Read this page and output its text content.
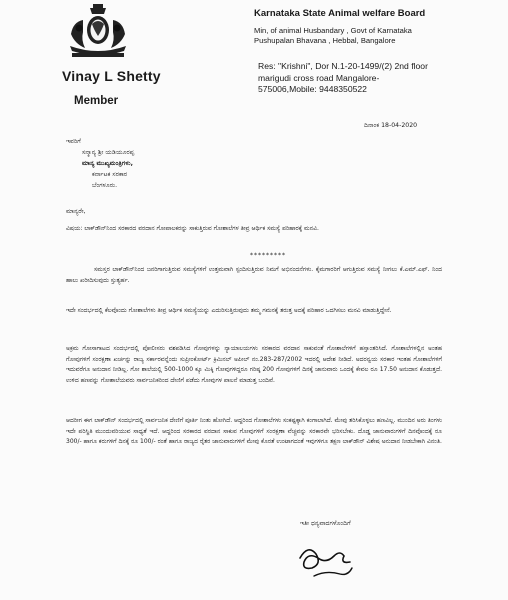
Vinay L Shetty
Member
Karnataka State Animal welfare Board
Min, of animal Husbandary , Govt of Karnataka
Pushupalan Bhavana , Hebbal, Bangalore
Res: "Krishni", Dor N.1-20-1499/(2) 2nd floor marigudi cross road Mangalore-575006,Mobile: 9448350522
ದಿನಾಂಕ 18-04-2020
ಇವರಿಗೆ
ಸನ್ಮಾನ್ಯ ಶ್ರೀ ಯಡಿಯೂರಪ್ಪ
ಮಾನ್ಯ ಮುಖ್ಯಮಂತ್ರಿಗಳು,
ಕರ್ನಾಟಕ ಸರಕಾರ
ಬೆಂಗಳೂರು.
ಮಾನ್ಯರೇ,
ವಿಷಯ: ಲಾಕ್‌ಡೌನ್‌ನಿಂದ ಸರಕಾರದ ವರದಾನ ಗೋಪಾಲಕರನ್ನು ಸಾಕುತ್ತಿರುವ ಗೋಶಾಲೆಗಳ ತೀವ್ರ ಆರ್ಥಿಕ ಸಮಸ್ಯೆ ಪರಿಹಾರಕ್ಕೆ ಮನವಿ.
*********
ಸಮಸ್ತರ ಲಾಕ್‌ಡೌನ್‌ನಿಂದ ಜನರಿಗಾಗುತ್ತಿರುವ ಸಮಸ್ಯೆಗಳಿಗೆ ಉತ್ತಮವಾಗಿ ಸ್ಪಂದಿಸುತ್ತಿರುವ ನಿಮಗೆ ಅಭಿನಂದನೆಗಳು. ಕೈಮಗಾರರಿಗೆ ಆಗುತ್ತಿರುವ ಸಮಸ್ಯೆ ನೀಗಲು ಕೆ.ಎಮ್.ಎಫ್. ನಿಂದ ಹಾಲು ಖರೀದಿಸುವುದು ಸ್ತುತ್ಯರ್ಹ.
ಇದೇ ಸಂದರ್ಭದಲ್ಲಿ ಕೆಲವೊಂದು ಗೋಶಾಲೆಗಳು ತೀವ್ರ ಆರ್ಥಿಕ ಸಮಸ್ಯೆಯನ್ನು ಎದುರಿಸುತ್ತಿರುವುದು ತಮ್ಮ ಗಮನಕ್ಕೆ ತರುತ್ತ ಅದಕ್ಕೆ ಪರಿಹಾರ ಒದಗಿಸಲು ಮನವಿ ಮಾಡುತ್ತಿದ್ದೇನೆ.
ಅಕ್ರಮ ಗೋಸಾಗಾಟದ ಸಂದರ್ಭದಲ್ಲಿ ಪೋಲೀಸರು ವಶಪಡಿಸಿದ ಗೋವುಗಳನ್ನು ನ್ಯಾಯಾಲಯಗಳು ಸರಕಾರದ ವರದಾನ ಸಾಕುವಂತೆ ಗೋಶಾಲೆಗಳಿಗೆ ಹಸ್ತಾಂತರಿಸಿದೆ. ಗೋಶಾಲೆಗಳಲ್ಲಿನ ಅಂತಹ ಗೋವುಗಳಿಗೆ ಸಂರಕ್ಷಣಾ ಖರ್ಚನ್ನು ರಾಜ್ಯ ಸರ್ಕಾರವನ್ನೆಂದು ಸುಪ್ರೀಂಕೋರ್ಟ್ ಕ್ರಿಮಿನಲ್ ಅಪೀಲ್ ನಂ.283-287/2002 ಇದರಲ್ಲಿ ಆದೇಶ ನೀಡಿದೆ. ಅದರನ್ವಯ ಸರಕಾರ ಇಂತಹ ಗೋಶಾಲೆಗಳಿಗೆ ಇದುವರೆಗೂ ಅನುದಾನ ನೀಡಿಲ್ಲ. ಗೋ ಶಾಲೆಯಲ್ಲಿ 500-1000 ಕ್ಕೂ ಮಿಕ್ಕಿ ಗೋವುಗಳಿದ್ದರೂ ಗರಿಷ್ಠ 200 ಗೋವುಗಳಿಗೆ ದಿನಕ್ಕೆ ಜಾನುವಾರು ಒಂದಕ್ಕೆ ಕೇವಲ ರೂ 17.50 ಅನುದಾನ ಕೊಡುತ್ತದೆ. ಉಳಿದ ಹಣವನ್ನು ಗೋಶಾಲೆಯವರು ಸಾರ್ವಜನಿಕರಿಂದ ದೇಣಿಗೆ ಪಡೆದು ಗೋವುಗಳ ಪಾಲನೆ ಮಾಡುತ್ತ ಬಂದಿವೆ.
ಆದರೀಗ ಈಗ ಲಾಕ್‌ಡೌನ್ ಸಂದರ್ಭದಲ್ಲಿ ಸಾರ್ವಜನಿಕ ದೇಣಿಗೆ ಪೂರ್ತಿ ನಿಂತು ಹೋಗಿದೆ. ಆದ್ದರಿಂದ ಗೋಶಾಲೆಗಳು ಸಂಕಷ್ಟಕ್ಕಾಗಿ ಕಂಗಾಲಾಗಿದೆ. ಮೇವು ತರಿಸಿಕೊಳ್ಳಲು ಹಣವಿಲ್ಲ. ಮುಂದಿನ ಅರು ತಿಂಗಳು ಇದೇ ಪರಿಸ್ಥಿತಿ ಮುಂದುವರಿಯುವ ಸಾಧ್ಯತೆ ಇದೆ. ಆದ್ದರಿಂದ ಸರಕಾರದ ವರದಾನ ಸಾಕುವ ಗೋವುಗಳಿಗೆ ಸಂರಕ್ಷಣಾ ವೆಚ್ಚವನ್ನು ಸರಕಾರವೇ ಭರಿಸಬೇಕು. ದೊಡ್ಡ ಜಾನುವಾರುಗಳಿಗೆ ದಿನವೊಂದಕ್ಕೆ ರೂ 300/- ಹಾಗೂ ಕರುಗಳಿಗೆ ದಿನಕ್ಕೆ ರೂ 100/- ರಂತೆ ಹಾಗೂ ರಾಜ್ಯದ ರೈತರ ಜಾನುವಾರುಗಳಿಗೆ ಮೇವು ಕೊರತೆ ಉಂಟಾಗದಂತೆ ಇವುಗಳಿಗೂ ತಕ್ಷಣ ಲಾಕ್‌ಡೌನ್ ವಿಶೇಷ ಅನುದಾನ ನೀಡಬೇಕಾಗಿ ವಿನಂತಿ.
ಇತೀ ಧನ್ಯವಾದಗಳೊಂದಿಗೆ
